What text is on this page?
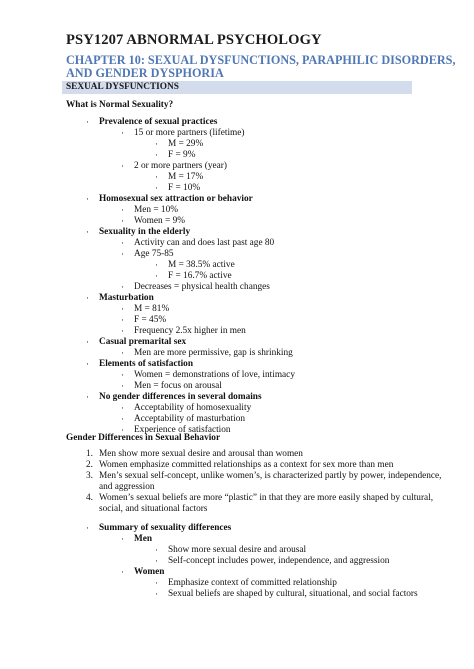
PSY1207 ABNORMAL PSYCHOLOGY
CHAPTER 10: SEXUAL DYSFUNCTIONS, PARAPHILIC DISORDERS,
AND GENDER DYSPHORIA
SEXUAL DYSFUNCTIONS
What is Normal Sexuality?
· Prevalence of sexual practices
· 15 or more partners (lifetime)
· M = 29%
· F = 9%
· 2 or more partners (year)
· M = 17%
· F = 10%
· Homosexual sex attraction or behavior
· Men = 10%
· Women = 9%
· Sexuality in the elderly
· Activity can and does last past age 80
· Age 75-85
· M = 38.5% active
· F = 16.7% active
· Decreases = physical health changes
· Masturbation
· M = 81%
· F = 45%
· Frequency 2.5x higher in men
· Casual premarital sex
· Men are more permissive, gap is shrinking
· Elements of satisfaction
· Women = demonstrations of love, intimacy
· Men = focus on arousal
· No gender differences in several domains
· Acceptability of homosexuality
· Acceptability of masturbation
· Experience of satisfaction
Gender Differences in Sexual Behavior
1. Men show more sexual desire and arousal than women
2. Women emphasize committed relationships as a context for sex more than men
3. Men’s sexual self-concept, unlike women’s, is characterized partly by power, independence,
and aggression
4. Women’s sexual beliefs are more “plastic” in that they are more easily shaped by cultural,
social, and situational factors
· Summary of sexuality differences
· Men
· Show more sexual desire and arousal
· Self-concept includes power, independence, and aggression
· Women
· Emphasize context of committed relationship
· Sexual beliefs are shaped by cultural, situational, and social factors
